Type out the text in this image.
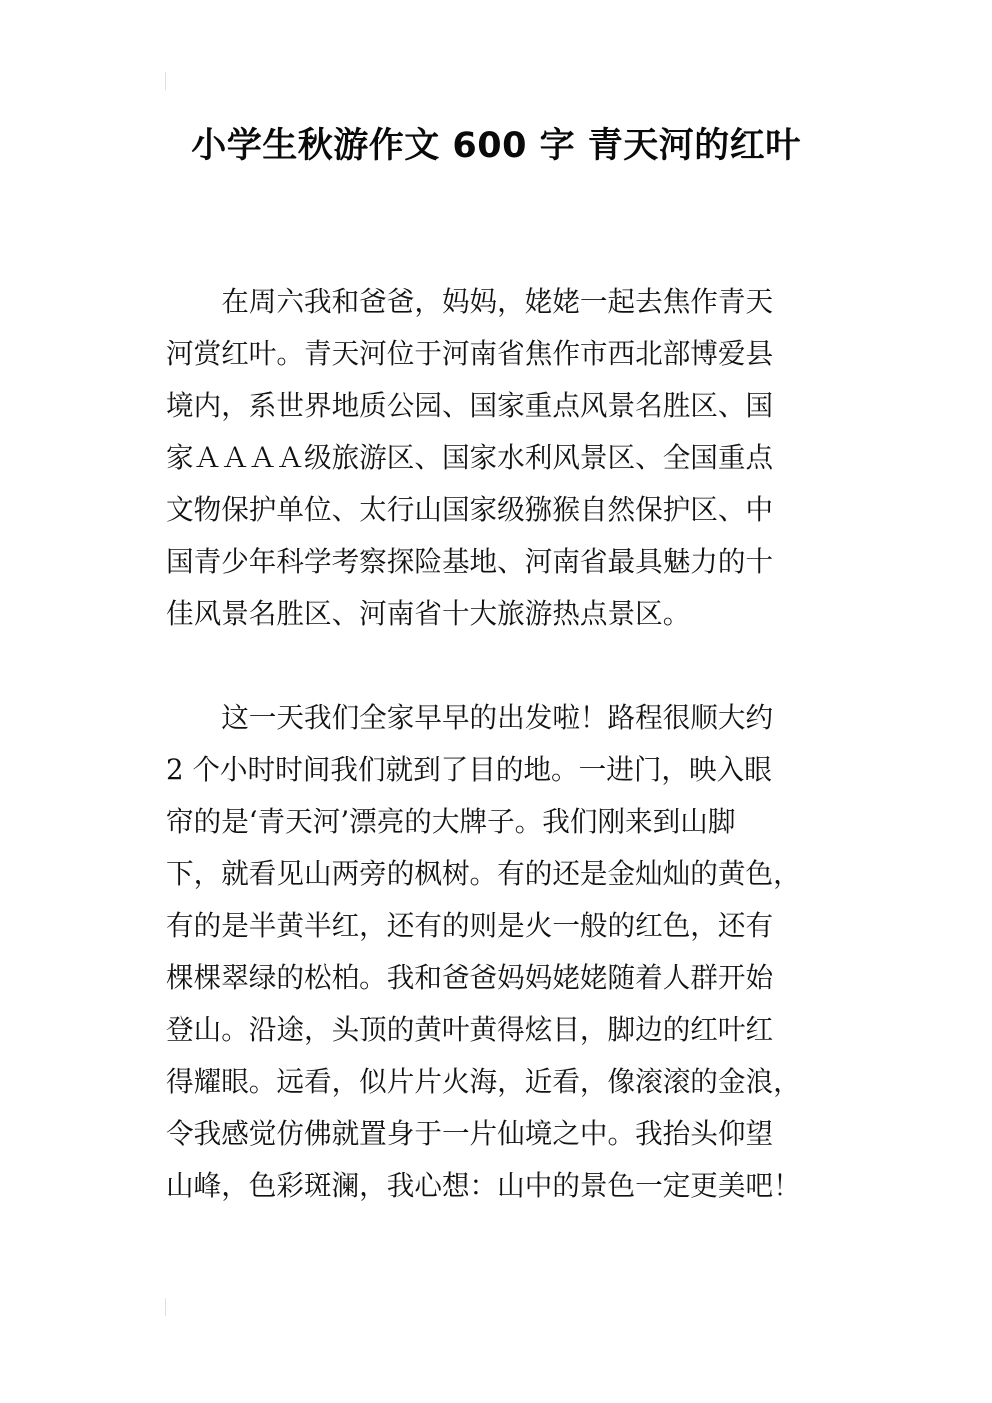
小学生秋游作文 600 字 青天河的红叶
在周六我和爸爸，妈妈，姥姥一起去焦作青天
河赏红叶。青天河位于河南省焦作市西北部博爱县
境内，系世界地质公园、国家重点风景名胜区、国
家ＡＡＡＡ级旅游区、国家水利风景区、全国重点
文物保护单位、太行山国家级猕猴自然保护区、中
国青少年科学考察探险基地、河南省最具魅力的十
佳风景名胜区、河南省十大旅游热点景区。
这一天我们全家早早的出发啦！路程很顺大约
2 个小时时间我们就到了目的地。一进门，映入眼
帘的是‘青天河’漂亮的大牌子。我们刚来到山脚
下，就看见山两旁的枫树。有的还是金灿灿的黄色，
有的是半黄半红，还有的则是火一般的红色，还有
棵棵翠绿的松柏。我和爸爸妈妈姥姥随着人群开始
登山。沿途，头顶的黄叶黄得炫目，脚边的红叶红
得耀眼。远看，似片片火海，近看，像滚滚的金浪，
令我感觉仿佛就置身于一片仙境之中。我抬头仰望
山峰，色彩斑澜，我心想：山中的景色一定更美吧！
